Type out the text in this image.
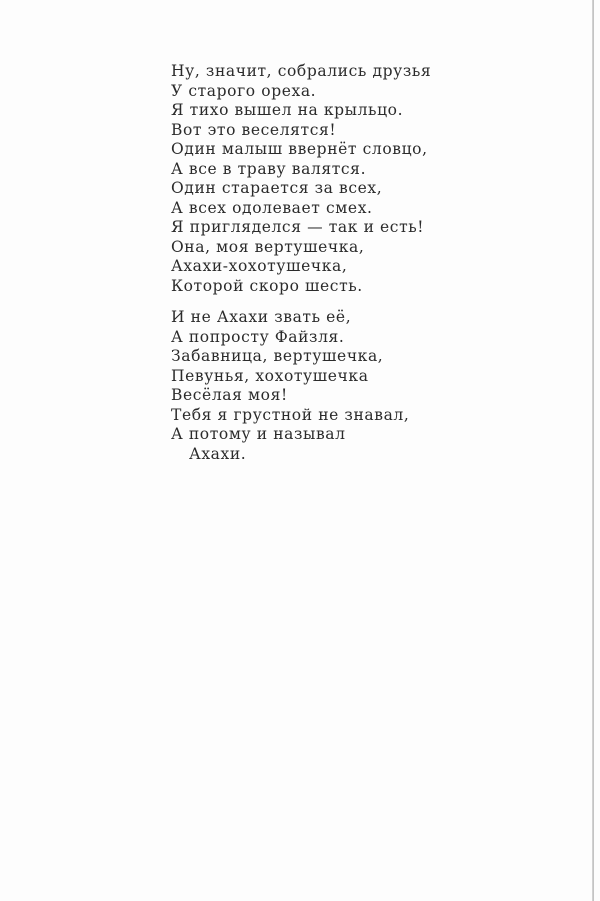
Ну, значит, собрались друзья
У старого ореха.
Я тихо вышел на крыльцо.
Вот это веселятся!
Один малыш ввернёт словцо,
А все в траву валятся.
Один старается за всех,
А всех одолевает смех.
Я пригляделся — так и есть!
Она, моя вертушечка,
Ахахи-хохотушечка,
Которой скоро шесть.
И не Ахахи звать её,
А попросту Файзля.
Забавница, вертушечка,
Певунья, хохотушечка
Весёлая моя!
Тебя я грустной не знавал,
А потому и называл
Ахахи.
